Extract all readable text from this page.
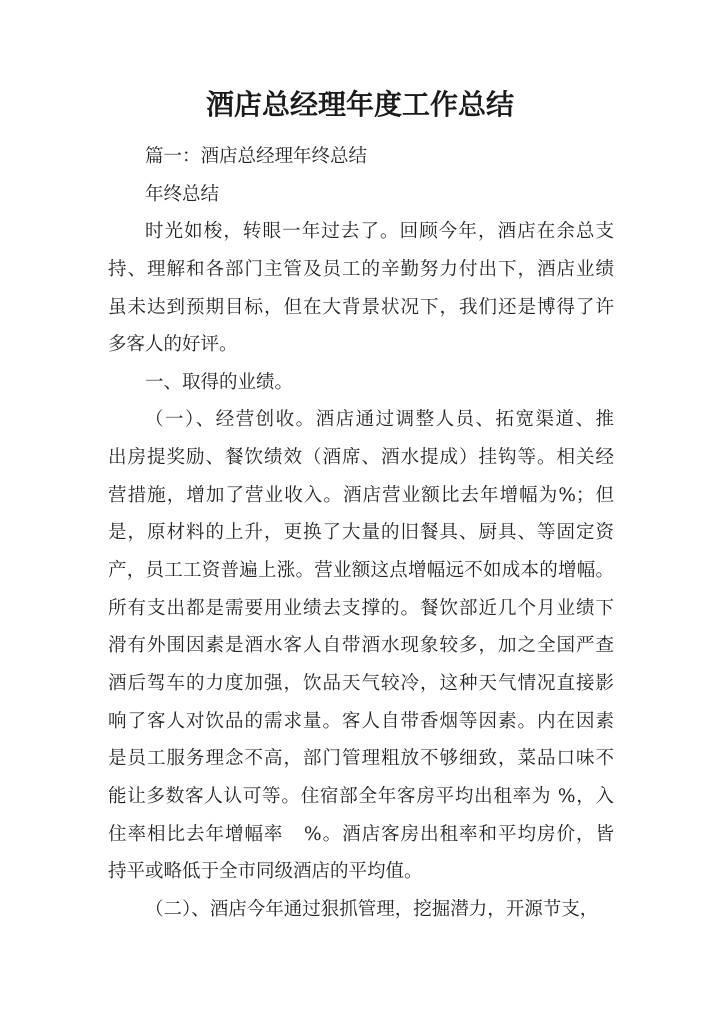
酒店总经理年度工作总结
篇一：酒店总经理年终总结
年终总结
时光如梭，转眼一年过去了。回顾今年，酒店在余总支
持、理解和各部门主管及员工的辛勤努力付出下，酒店业绩
虽未达到预期目标，但在大背景状况下，我们还是博得了许
多客人的好评。
一、取得的业绩。
（一）、经营创收。酒店通过调整人员、拓宽渠道、推
出房提奖励、餐饮绩效（酒席、酒水提成）挂钩等。相关经
营措施，增加了营业收入。酒店营业额比去年增幅为%；但
是，原材料的上升，更换了大量的旧餐具、厨具、等固定资
产，员工工资普遍上涨。营业额这点增幅远不如成本的增幅。
所有支出都是需要用业绩去支撑的。餐饮部近几个月业绩下
滑有外围因素是酒水客人自带酒水现象较多，加之全国严查
酒后驾车的力度加强，饮品天气较冷，这种天气情况直接影
响了客人对饮品的需求量。客人自带香烟等因素。内在因素
是员工服务理念不高，部门管理粗放不够细致，菜品口味不
能让多数客人认可等。住宿部全年客房平均出租率为 %，入
住率相比去年增幅率   %。酒店客房出租率和平均房价，皆
持平或略低于全市同级酒店的平均值。
（二）、酒店今年通过狠抓管理，挖掘潜力，开源节支，
